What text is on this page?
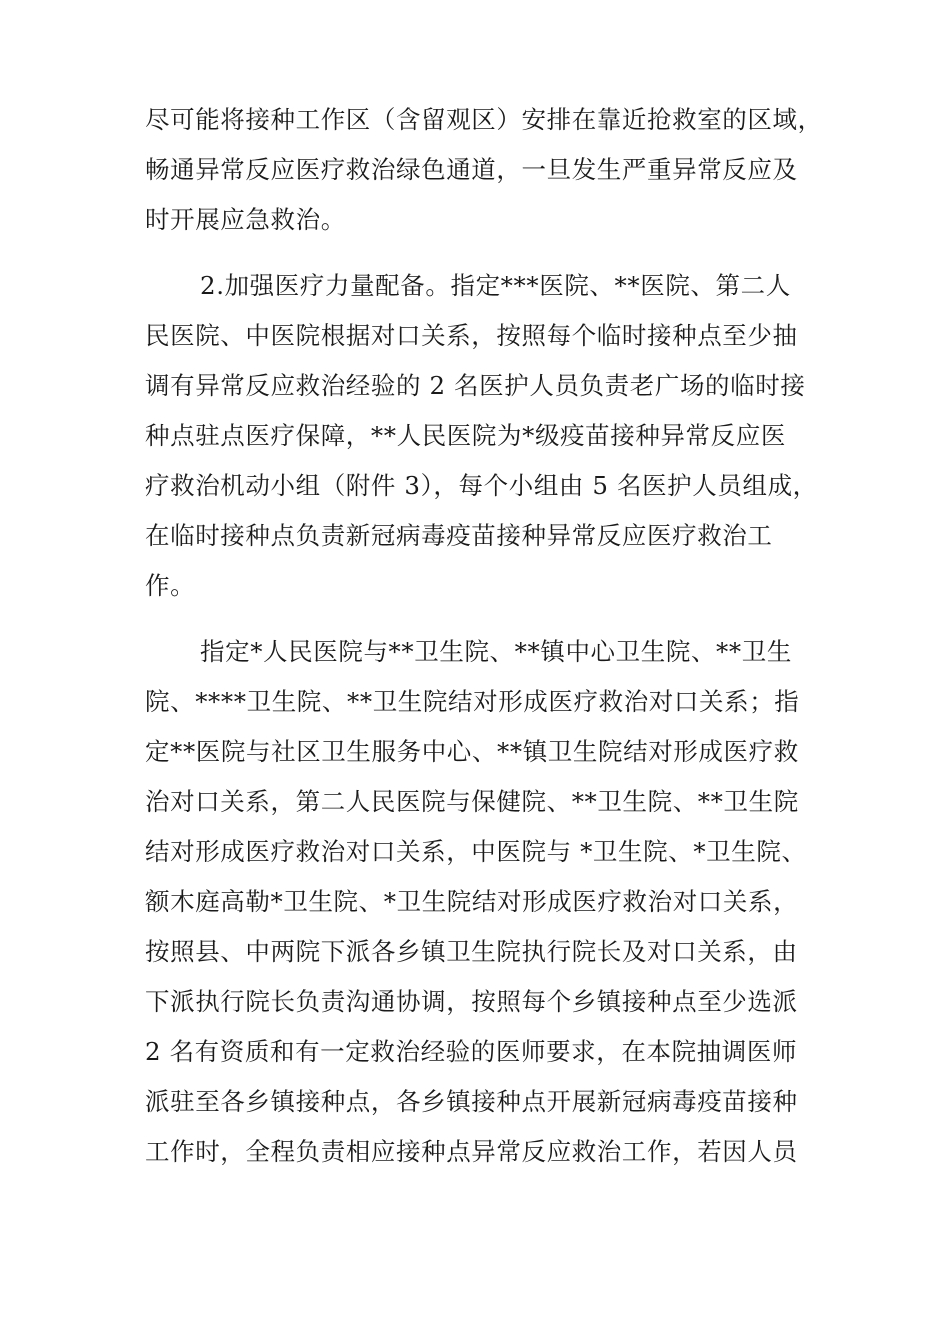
尽可能将接种工作区（含留观区）安排在靠近抢救室的区域，
畅通异常反应医疗救治绿色通道，一旦发生严重异常反应及
时开展应急救治。
2.加强医疗力量配备。指定***医院、**医院、第二人
民医院、中医院根据对口关系，按照每个临时接种点至少抽
调有异常反应救治经验的 2 名医护人员负责老广场的临时接
种点驻点医疗保障，**人民医院为*级疫苗接种异常反应医
疗救治机动小组（附件 3），每个小组由 5 名医护人员组成，
在临时接种点负责新冠病毒疫苗接种异常反应医疗救治工
作。
指定*人民医院与**卫生院、**镇中心卫生院、**卫生
院、****卫生院、**卫生院结对形成医疗救治对口关系；指
定**医院与社区卫生服务中心、**镇卫生院结对形成医疗救
治对口关系，第二人民医院与保健院、**卫生院、**卫生院
结对形成医疗救治对口关系，中医院与 *卫生院、*卫生院、
额木庭高勒*卫生院、*卫生院结对形成医疗救治对口关系，
按照县、中两院下派各乡镇卫生院执行院长及对口关系，由
下派执行院长负责沟通协调，按照每个乡镇接种点至少选派
2 名有资质和有一定救治经验的医师要求，在本院抽调医师
派驻至各乡镇接种点，各乡镇接种点开展新冠病毒疫苗接种
工作时，全程负责相应接种点异常反应救治工作，若因人员
